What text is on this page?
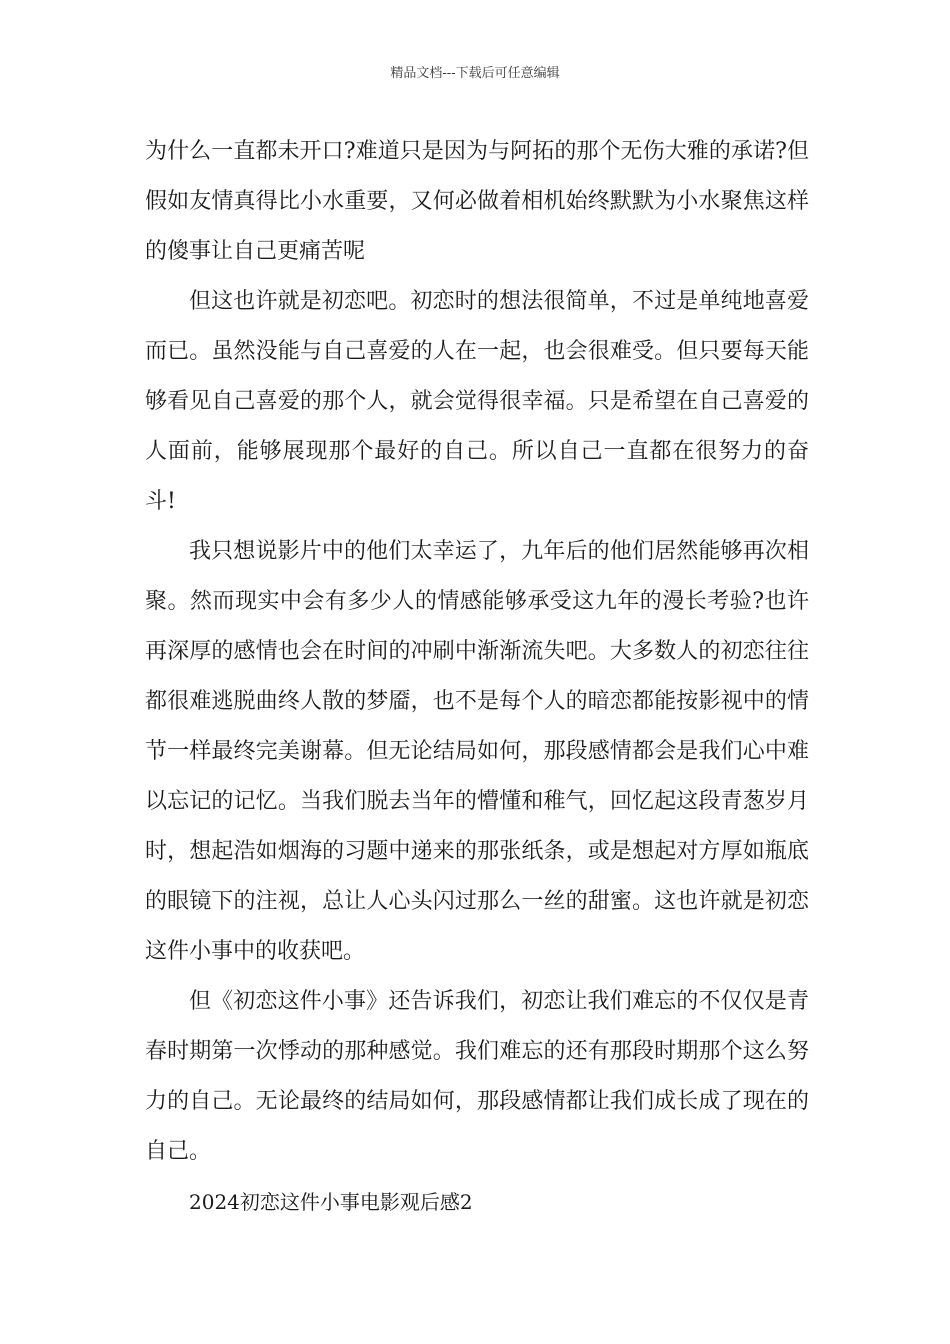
精品文档---下载后可任意编辑

为什么一直都未开口?难道只是因为与阿拓的那个无伤大雅的承诺?但假如友情真得比小水重要，又何必做着相机始终默默为小水聚焦这样的傻事让自己更痛苦呢

但这也许就是初恋吧。初恋时的想法很简单，不过是单纯地喜爱而已。虽然没能与自己喜爱的人在一起，也会很难受。但只要每天能够看见自己喜爱的那个人，就会觉得很幸福。只是希望在自己喜爱的人面前，能够展现那个最好的自己。所以自己一直都在很努力的奋斗!

我只想说影片中的他们太幸运了，九年后的他们居然能够再次相聚。然而现实中会有多少人的情感能够承受这九年的漫长考验?也许再深厚的感情也会在时间的冲刷中渐渐流失吧。大多数人的初恋往往都很难逃脱曲终人散的梦靥，也不是每个人的暗恋都能按影视中的情节一样最终完美谢幕。但无论结局如何，那段感情都会是我们心中难以忘记的记忆。当我们脱去当年的懵懂和稚气，回忆起这段青葱岁月时，想起浩如烟海的习题中递来的那张纸条，或是想起对方厚如瓶底的眼镜下的注视，总让人心头闪过那么一丝的甜蜜。这也许就是初恋这件小事中的收获吧。

但《初恋这件小事》还告诉我们，初恋让我们难忘的不仅仅是青春时期第一次悸动的那种感觉。我们难忘的还有那段时期那个这么努力的自己。无论最终的结局如何，那段感情都让我们成长成了现在的自己。

2024初恋这件小事电影观后感2
